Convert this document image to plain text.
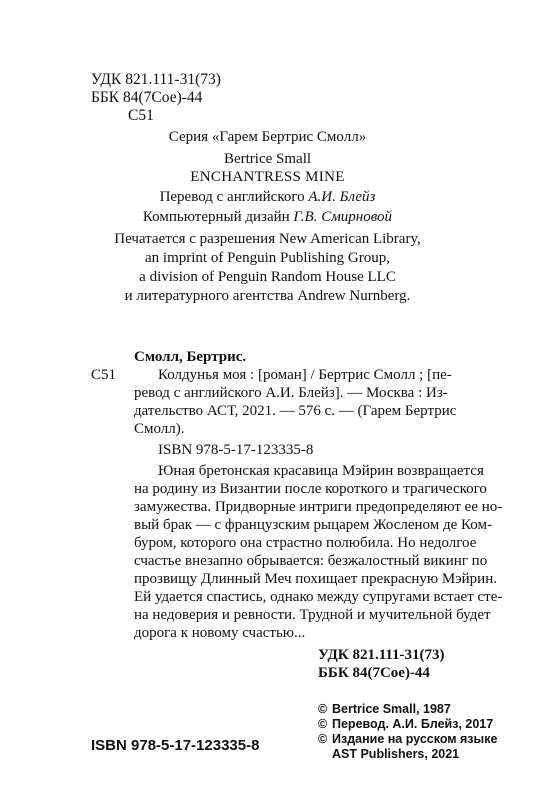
УДК 821.111-31(73)
ББК 84(7Сое)-44
С51
Серия «Гарем Бертрис Смолл»
Bertrice Small
ENCHANTRESS MINE
Перевод с английского А.И. Блейз
Компьютерный дизайн Г.В. Смирновой
Печатается с разрешения New American Library,
an imprint of Penguin Publishing Group,
a division of Penguin Random House LLC
и литературного агентства Andrew Nurnberg.
Смолл, Бертрис.
С51	Колдунья моя : [роман] / Бертрис Смолл ; [пе-
ревод с английского А.И. Блейз]. — Москва : Из-
дательство АСТ, 2021. — 576 с. — (Гарем Бертрис
Смолл).
ISBN 978-5-17-123335-8
Юная бретонская красавица Мэйрин возвращается
на родину из Византии после короткого и трагического
замужества. Придворные интриги предопределяют ее но-
вый брак — с французским рыцарем Жосленом де Ком-
буром, которого она страстно полюбила. Но недолгое
счастье внезапно обрывается: безжалостный викинг по
прозвищу Длинный Меч похищает прекрасную Мэйрин.
Ей удается спастись, однако между супругами встает сте-
на недоверия и ревности. Трудной и мучительной будет
дорога к новому счастью...
УДК 821.111-31(73)
ББК 84(7Сое)-44
ISBN 978-5-17-123335-8
© Bertrice Small, 1987
© Перевод. А.И. Блейз, 2017
© Издание на русском языке
AST Publishers, 2021
